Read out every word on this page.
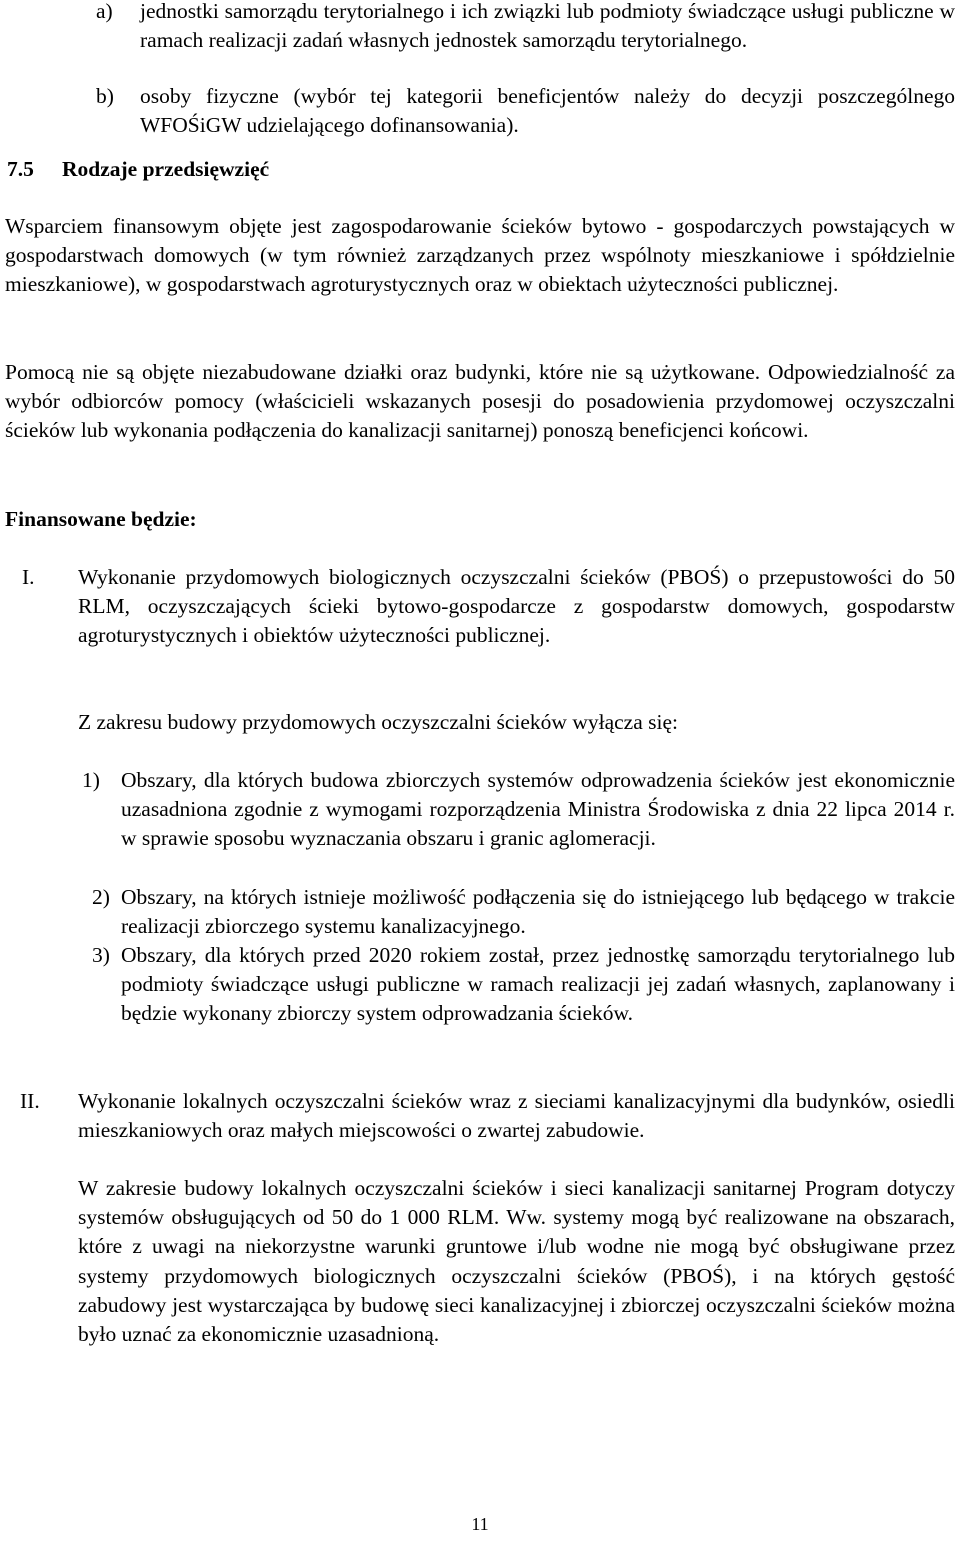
a) jednostki samorządu terytorialnego i ich związki lub podmioty świadczące usługi publiczne w ramach realizacji zadań własnych jednostek samorządu terytorialnego.

b) osoby fizyczne (wybór tej kategorii beneficjentów należy do decyzji poszczególnego WFOŚiGW udzielającego dofinansowania).

7.5 Rodzaje przedsięwzięć

Wsparciem finansowym objęte jest zagospodarowanie ścieków bytowo - gospodarczych powstających w gospodarstwach domowych (w tym również zarządzanych przez wspólnoty mieszkaniowe i spółdzielnie mieszkaniowe), w gospodarstwach agroturystycznych oraz w obiektach użyteczności publicznej.

Pomocą nie są objęte niezabudowane działki oraz budynki, które nie są użytkowane. Odpowiedzialność za wybór odbiorców pomocy (właścicieli wskazanych posesji do posadowienia przydomowej oczyszczalni ścieków lub wykonania podłączenia do kanalizacji sanitarnej) ponoszą beneficjenci końcowi.

Finansowane będzie:
I. Wykonanie przydomowych biologicznych oczyszczalni ścieków (PBOŚ) o przepustowości do 50 RLM, oczyszczających ścieki bytowo-gospodarcze z gospodarstw domowych, gospodarstw agroturystycznych i obiektów użyteczności publicznej.

Z zakresu budowy przydomowych oczyszczalni ścieków wyłącza się:
1) Obszary, dla których budowa zbiorczych systemów odprowadzenia ścieków jest ekonomicznie uzasadniona zgodnie z wymogami rozporządzenia Ministra Środowiska z dnia 22 lipca 2014 r. w sprawie sposobu wyznaczania obszaru i granic aglomeracji.

2) Obszary, na których istnieje możliwość podłączenia się do istniejącego lub będącego w trakcie realizacji zbiorczego systemu kanalizacyjnego.

3) Obszary, dla których przed 2020 rokiem został, przez jednostkę samorządu terytorialnego lub podmioty świadczące usługi publiczne w ramach realizacji jej zadań własnych, zaplanowany i będzie wykonany zbiorczy system odprowadzania ścieków.

II. Wykonanie lokalnych oczyszczalni ścieków wraz z sieciami kanalizacyjnymi dla budynków, osiedli mieszkaniowych oraz małych miejscowości o zwartej zabudowie.

W zakresie budowy lokalnych oczyszczalni ścieków i sieci kanalizacji sanitarnej Program dotyczy systemów obsługujących od 50 do 1 000 RLM. Ww. systemy mogą być realizowane na obszarach, które z uwagi na niekorzystne warunki gruntowe i/lub wodne nie mogą być obsługiwane przez systemy przydomowych biologicznych oczyszczalni ścieków (PBOŚ), i na których gęstość zabudowy jest wystarczająca by budowę sieci kanalizacyjnej i zbiorczej oczyszczalni ścieków można było uznać za ekonomicznie uzasadnioną.

11
